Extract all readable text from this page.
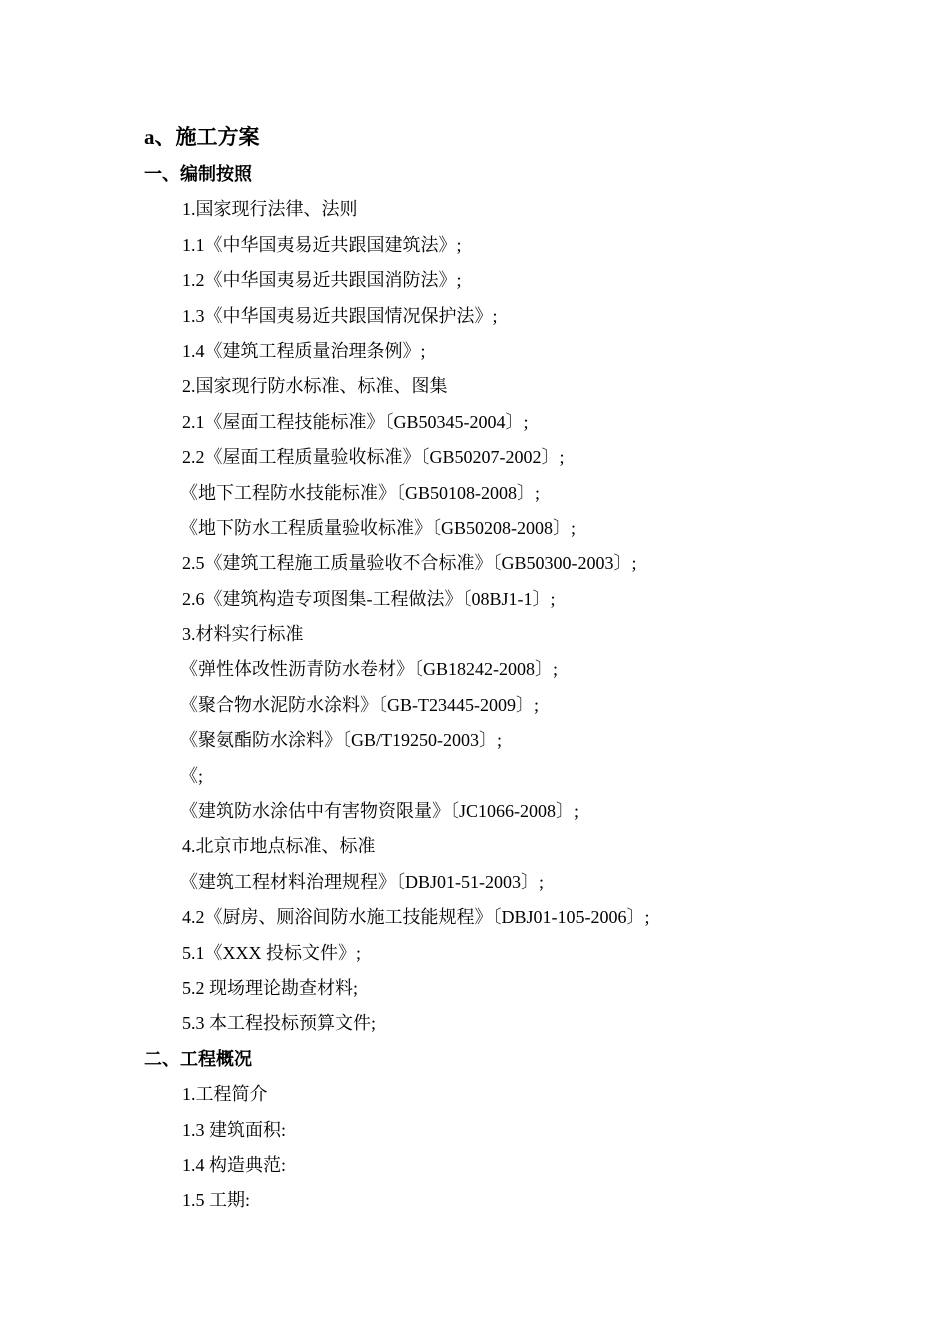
a、施工方案
一、编制按照
1.国家现行法律、法则
1.1《中华国夷易近共跟国建筑法》;
1.2《中华国夷易近共跟国消防法》;
1.3《中华国夷易近共跟国情况保护法》;
1.4《建筑工程质量治理条例》;
2.国家现行防水标准、标准、图集
2.1《屋面工程技能标准》〔GB50345-2004〕;
2.2《屋面工程质量验收标准》〔GB50207-2002〕;
《地下工程防水技能标准》〔GB50108-2008〕;
《地下防水工程质量验收标准》〔GB50208-2008〕;
2.5《建筑工程施工质量验收不合标准》〔GB50300-2003〕;
2.6《建筑构造专项图集-工程做法》〔08BJ1-1〕;
3.材料实行标准
《弹性体改性沥青防水卷材》〔GB18242-2008〕;
《聚合物水泥防水涂料》〔GB-T23445-2009〕;
《聚氨酯防水涂料》〔GB/T19250-2003〕;
《;
《建筑防水涂估中有害物资限量》〔JC1066-2008〕;
4.北京市地点标准、标准
《建筑工程材料治理规程》〔DBJ01-51-2003〕;
4.2《厨房、厕浴间防水施工技能规程》〔DBJ01-105-2006〕;
5.1《XXX 投标文件》;
5.2 现场理论勘查材料;
5.3 本工程投标预算文件;
二、工程概况
1.工程简介
1.3 建筑面积:
1.4 构造典范:
1.5 工期:
